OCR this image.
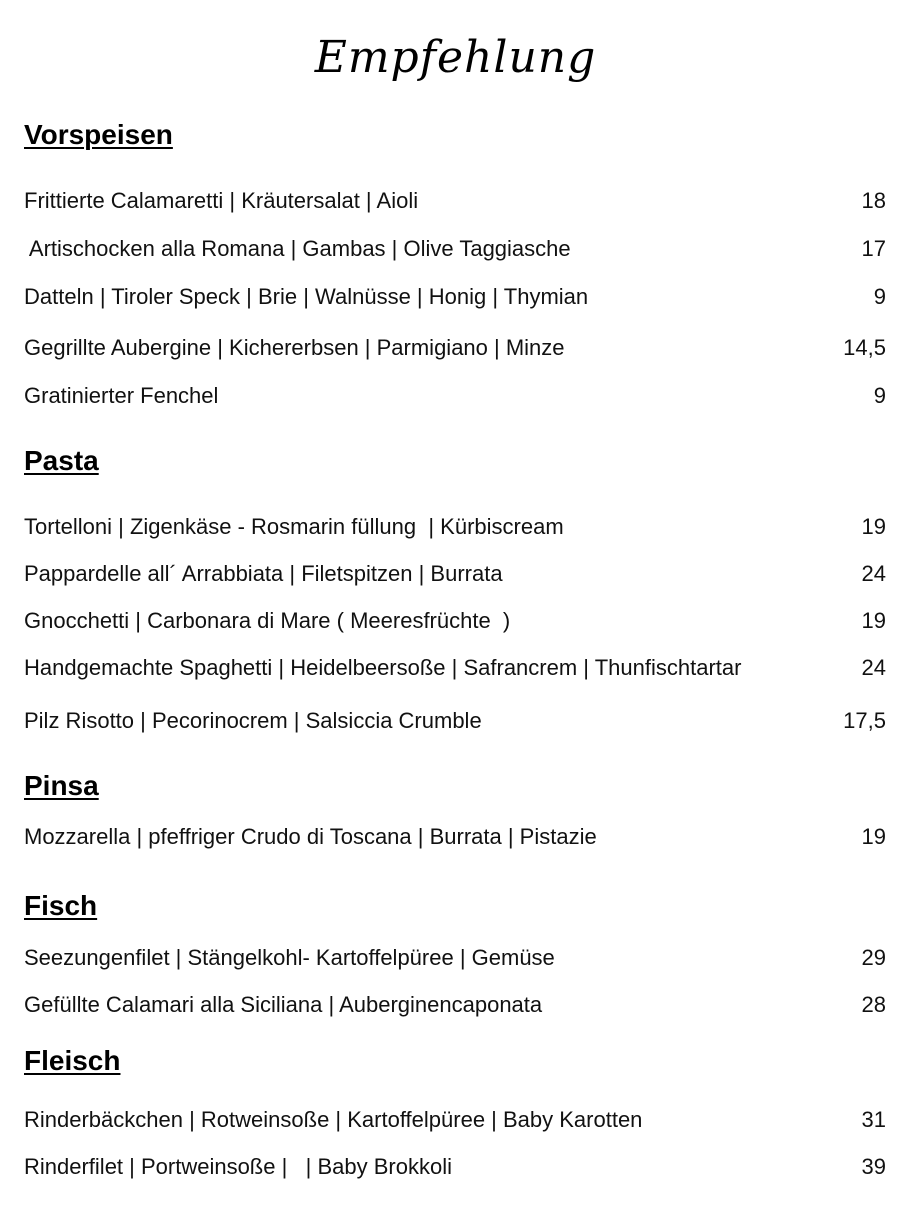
Empfehlung
Vorspeisen
Frittierte Calamaretti | Kräutersalat | Aioli	18
Artischocken alla Romana | Gambas | Olive Taggiasche	17
Datteln | Tiroler Speck | Brie | Walnüsse | Honig | Thymian	9
Gegrillte Aubergine | Kichererbsen | Parmigiano | Minze	14,5
Gratinierter Fenchel	9
Pasta
Tortelloni | Zigenkäse - Rosmarin füllung  | Kürbiscream	19
Pappardelle all´ Arrabbiata | Filetspitzen | Burrata	24
Gnocchetti | Carbonara di Mare ( Meeresfrüchte  )	19
Handgemachte Spaghetti | Heidelbeersoße | Safrancrem | Thunfischtartar	24
Pilz Risotto | Pecorinocrem | Salsiccia Crumble	17,5
Pinsa
Mozzarella | pfeffriger Crudo di Toscana | Burrata | Pistazie	19
Fisch
Seezungenfilet | Stängelkohl- Kartoffelpüree | Gemüse	29
Gefüllte Calamari alla Siciliana | Auberginencaponata	28
Fleisch
Rinderbäckchen | Rotweinsoße | Kartoffelpüree | Baby Karotten	31
Rinderfilet | Portweinsoße |   | Baby Brokkoli	39
